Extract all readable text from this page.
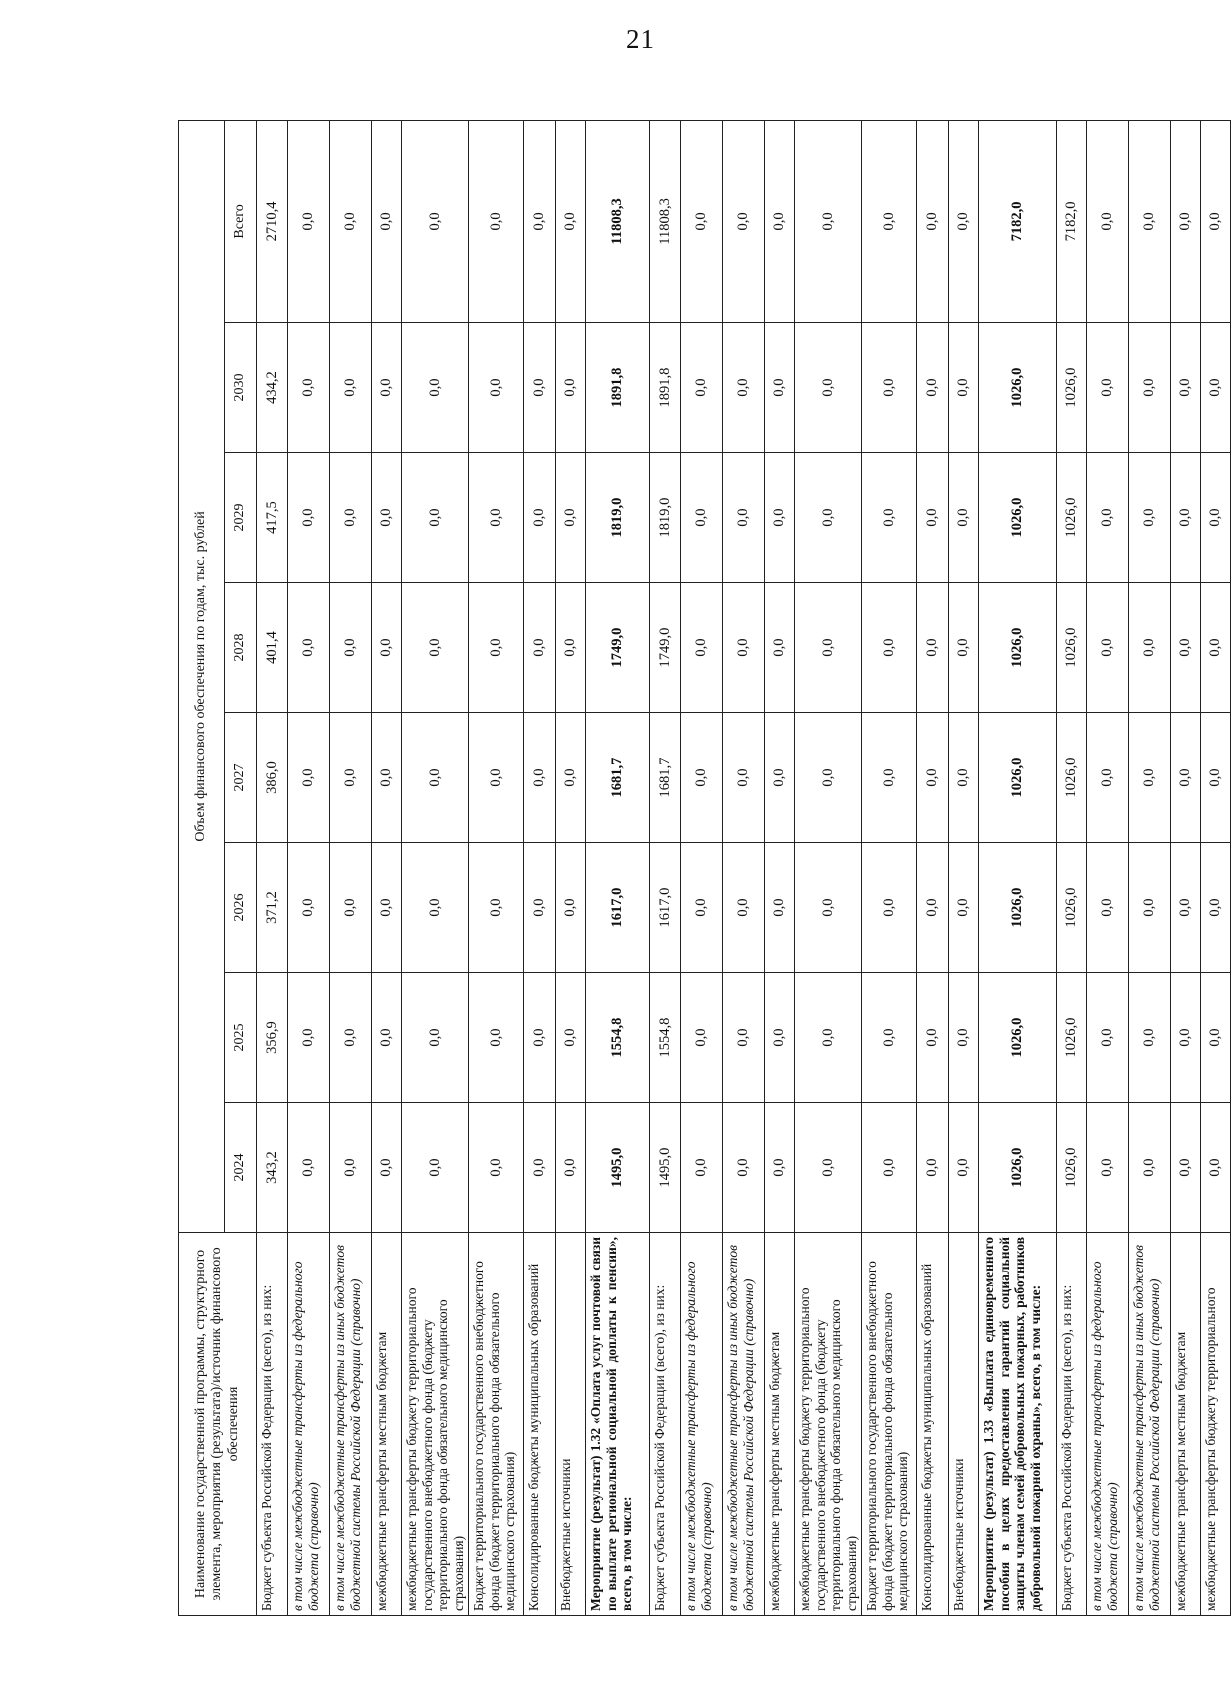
21
Наименование государственной программы, структурного элемента, мероприятия (результата)/источник финансового обеспечения	Объем финансового обеспечения по годам, тыс. рублей							
	2024	2025	2026	2027	2028	2029	2030	Всего
Бюджет субъекта Российской Федерации (всего), из них:	343,2	356,9	371,2	386,0	401,4	417,5	434,2	2710,4
в том числе межбюджетные трансферты из федерального бюджета (справочно)	0,0	0,0	0,0	0,0	0,0	0,0	0,0	0,0
в том числе межбюджетные трансферты из иных бюджетов бюджетной системы Российской Федерации (справочно)	0,0	0,0	0,0	0,0	0,0	0,0	0,0	0,0
межбюджетные трансферты местным бюджетам	0,0	0,0	0,0	0,0	0,0	0,0	0,0	0,0
межбюджетные трансферты бюджету территориального государственного внебюджетного фонда (бюджету территориального фонда обязательного медицинского страхования)	0,0	0,0	0,0	0,0	0,0	0,0	0,0	0,0
Бюджет территориального государственного внебюджетного фонда (бюджет территориального фонда обязательного медицинского страхования)	0,0	0,0	0,0	0,0	0,0	0,0	0,0	0,0
Консолидированные бюджеты муниципальных образований	0,0	0,0	0,0	0,0	0,0	0,0	0,0	0,0
Внебюджетные источники	0,0	0,0	0,0	0,0	0,0	0,0	0,0	0,0
Мероприятие (результат) 1.32 «Оплата услуг почтовой связи по выплате региональной социальной доплаты к пенсии», всего, в том числе:	1495,0	1554,8	1617,0	1681,7	1749,0	1819,0	1891,8	11808,3
Бюджет субъекта Российской Федерации (всего), из них:	1495,0	1554,8	1617,0	1681,7	1749,0	1819,0	1891,8	11808,3
в том числе межбюджетные трансферты из федерального бюджета (справочно)	0,0	0,0	0,0	0,0	0,0	0,0	0,0	0,0
в том числе межбюджетные трансферты из иных бюджетов бюджетной системы Российской Федерации (справочно)	0,0	0,0	0,0	0,0	0,0	0,0	0,0	0,0
межбюджетные трансферты местным бюджетам	0,0	0,0	0,0	0,0	0,0	0,0	0,0	0,0
межбюджетные трансферты бюджету территориального государственного внебюджетного фонда (бюджету территориального фонда обязательного медицинского страхования)	0,0	0,0	0,0	0,0	0,0	0,0	0,0	0,0
Бюджет территориального государственного внебюджетного фонда (бюджет территориального фонда обязательного медицинского страхования)	0,0	0,0	0,0	0,0	0,0	0,0	0,0	0,0
Консолидированные бюджеты муниципальных образований	0,0	0,0	0,0	0,0	0,0	0,0	0,0	0,0
Внебюджетные источники	0,0	0,0	0,0	0,0	0,0	0,0	0,0	0,0
Мероприятие (результат) 1.33 «Выплата единовременного пособия в целях предоставления гарантий социальной защиты членам семей добровольных пожарных, работников добровольной пожарной охраны», всего, в том числе:	1026,0	1026,0	1026,0	1026,0	1026,0	1026,0	1026,0	7182,0
Бюджет субъекта Российской Федерации (всего), из них:	1026,0	1026,0	1026,0	1026,0	1026,0	1026,0	1026,0	7182,0
в том числе межбюджетные трансферты из федерального бюджета (справочно)	0,0	0,0	0,0	0,0	0,0	0,0	0,0	0,0
в том числе межбюджетные трансферты из иных бюджетов бюджетной системы Российской Федерации (справочно)	0,0	0,0	0,0	0,0	0,0	0,0	0,0	0,0
межбюджетные трансферты местным бюджетам	0,0	0,0	0,0	0,0	0,0	0,0	0,0	0,0
межбюджетные трансферты бюджету территориального	0,0	0,0	0,0	0,0	0,0	0,0	0,0	0,0
